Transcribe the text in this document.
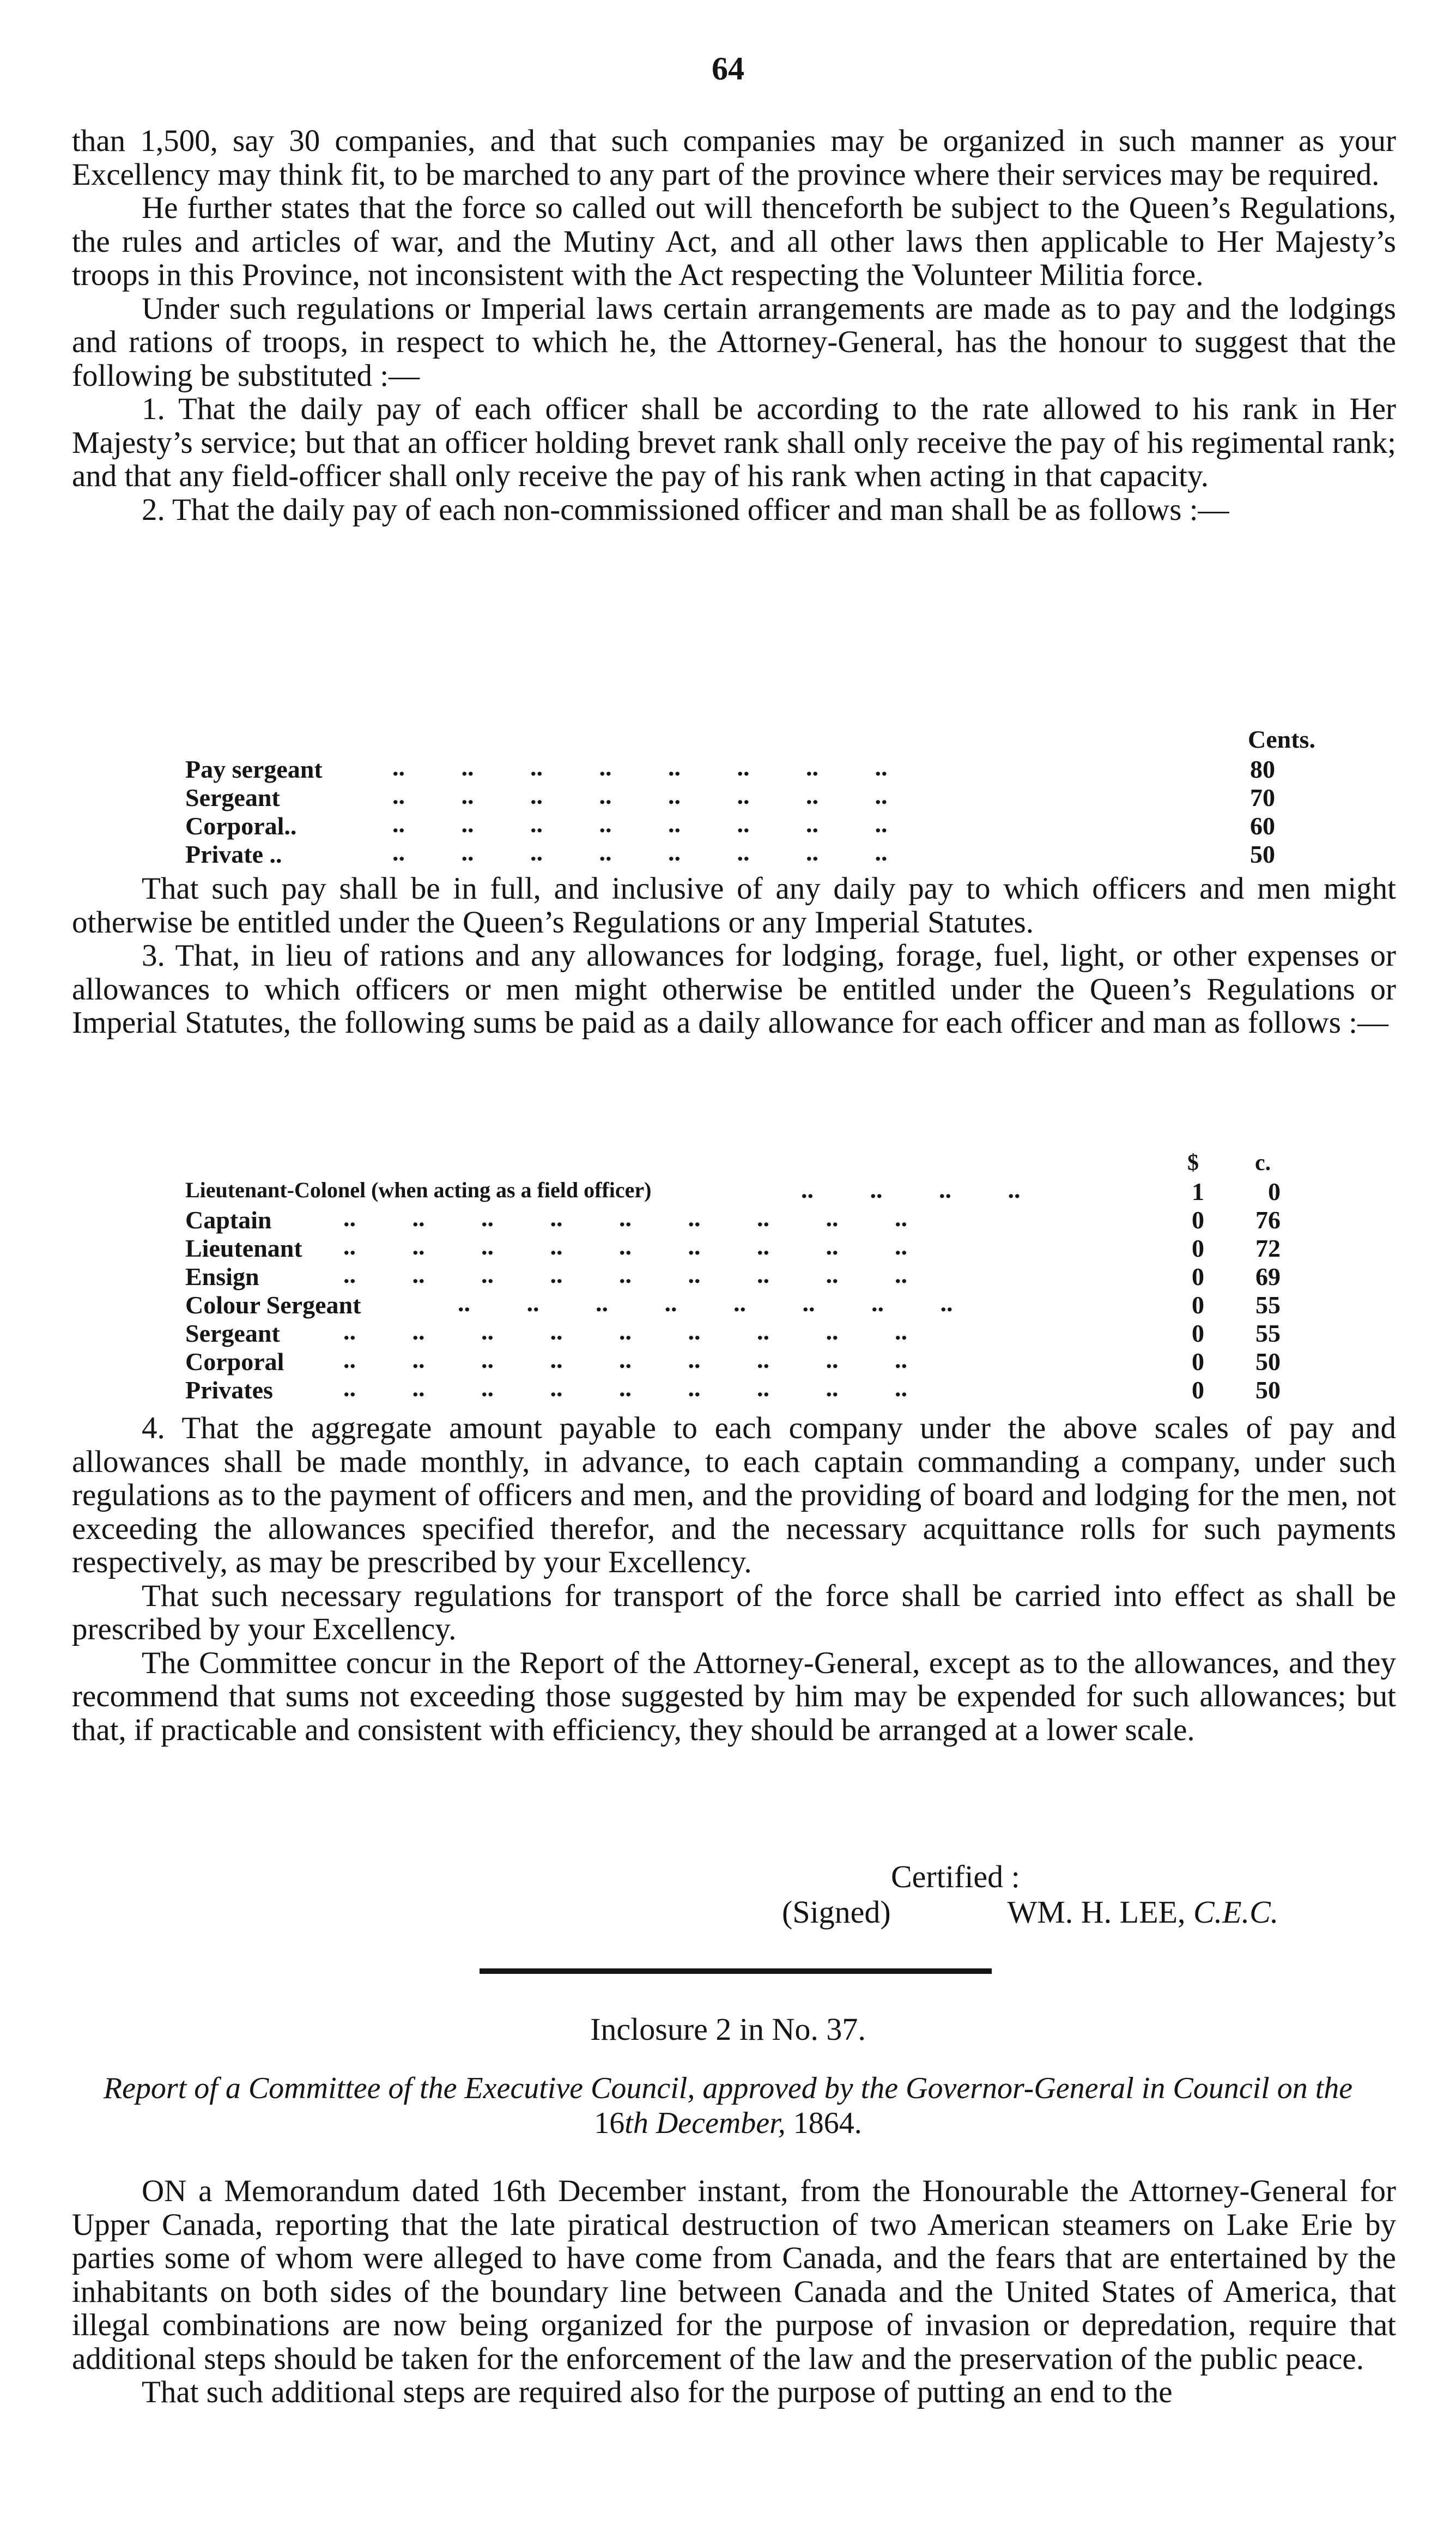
64

than 1,500, say 30 companies, and that such companies may be organized in such manner as your Excellency may think fit, to be marched to any part of the province where their services may be required.

He further states that the force so called out will thenceforth be subject to the Queen’s Regulations, the rules and articles of war, and the Mutiny Act, and all other laws then applicable to Her Majesty’s troops in this Province, not inconsistent with the Act respecting the Volunteer Militia force.

Under such regulations or Imperial laws certain arrangements are made as to pay and the lodgings and rations of troops, in respect to which he, the Attorney-General, has the honour to suggest that the following be substituted :—

1. That the daily pay of each officer shall be according to the rate allowed to his rank in Her Majesty’s service; but that an officer holding brevet rank shall only receive the pay of his regimental rank; and that any field-officer shall only receive the pay of his rank when acting in that capacity.

2. That the daily pay of each non-commissioned officer and man shall be as follows :—

Cents.
Pay sergeant	..         ..         ..         ..         ..         ..         ..         ..	80
Sergeant	..         ..         ..         ..         ..         ..         ..         ..	70
Corporal..	..         ..         ..         ..         ..         ..         ..         ..	60
Private ..	..         ..         ..         ..         ..         ..         ..         ..	50

That such pay shall be in full, and inclusive of any daily pay to which officers and men might otherwise be entitled under the Queen’s Regulations or any Imperial Statutes.

3. That, in lieu of rations and any allowances for lodging, forage, fuel, light, or other expenses or allowances to which officers or men might otherwise be entitled under the Queen’s Regulations or Imperial Statutes, the following sums be paid as a daily allowance for each officer and man as follows :—

$ c.
Lieutenant-Colonel (when acting as a field officer)	..         ..         ..         ..	1	0
Captain	..         ..         ..         ..         ..         ..         ..         ..         ..	0	76
Lieutenant ..         ..         ..         ..         ..         ..         ..         ..         ..	0	72
Ensign	..         ..         ..         ..         ..         ..         ..         ..         ..	0	69
Colour Sergeant	..         ..         ..         ..         ..         ..         ..         ..	0	55
Sergeant	..         ..         ..         ..         ..         ..         ..         ..         ..	0	55
Corporal ..         ..         ..         ..         ..         ..         ..         ..         ..	0	50
Privates	..         ..         ..         ..         ..         ..         ..         ..         ..	0	50

4. That the aggregate amount payable to each company under the above scales of pay and allowances shall be made monthly, in advance, to each captain commanding a company, under such regulations as to the payment of officers and men, and the providing of board and lodging for the men, not exceeding the allowances specified therefor, and the necessary acquittance rolls for such payments respectively, as may be prescribed by your Excellency.

That such necessary regulations for transport of the force shall be carried into effect as shall be prescribed by your Excellency.

The Committee concur in the Report of the Attorney-General, except as to the allowances, and they recommend that sums not exceeding those suggested by him may be expended for such allowances; but that, if practicable and consistent with efficiency, they should be arranged at a lower scale.

Certified :
(Signed)	WM. H. LEE, C.E.C.
Inclosure 2 in No. 37.
Report of a Committee of the Executive Council, approved by the Governor-General in Council on the 16th December, 1864.

ON a Memorandum dated 16th December instant, from the Honourable the Attorney-General for Upper Canada, reporting that the late piratical destruction of two American steamers on Lake Erie by parties some of whom were alleged to have come from Canada, and the fears that are entertained by the inhabitants on both sides of the boundary line between Canada and the United States of America, that illegal combinations are now being organized for the purpose of invasion or depredation, require that additional steps should be taken for the enforcement of the law and the preservation of the public peace.

That such additional steps are required also for the purpose of putting an end to the
